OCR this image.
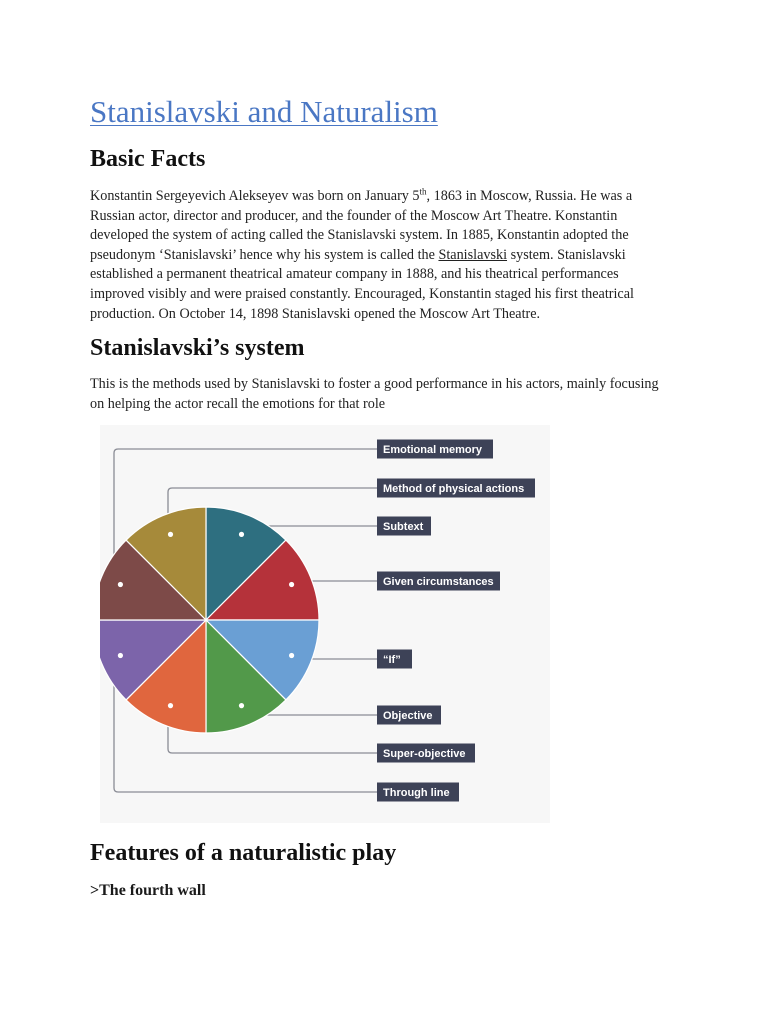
Stanislavski and Naturalism
Basic Facts

Konstantin Sergeyevich Alekseyev was born on January 5th, 1863 in Moscow, Russia. He was a Russian actor, director and producer, and the founder of the Moscow Art Theatre. Konstantin developed the system of acting called the Stanislavski system. In 1885, Konstantin adopted the pseudonym ‘Stanislavski’ hence why his system is called the Stanislavski system. Stanislavski established a permanent theatrical amateur company in 1888, and his theatrical performances improved visibly and were praised constantly. Encouraged, Konstantin staged his first theatrical production. On October 14, 1898 Stanislavski opened the Moscow Art Theatre.

Stanislavski’s system

This is the methods used by Stanislavski to foster a good performance in his actors, mainly focusing on helping the actor recall the emotions for that role

Features of a naturalistic play
>The fourth wall
Emotional memory
Method of physical actions
Subtext
Given circumstances
“If”
Objective
Super-objective
Through line
